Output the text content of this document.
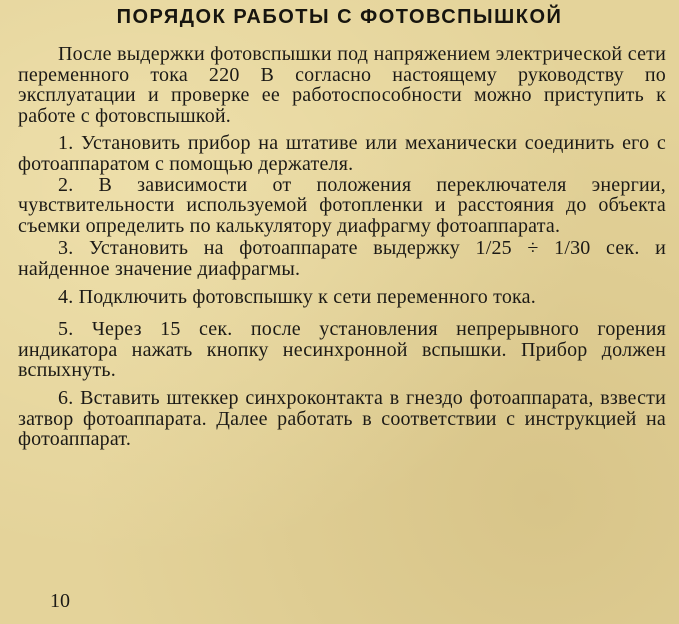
ПОРЯДОК РАБОТЫ С ФОТОВСПЫШКОЙ

После выдержки фотовспышки под напряжением электрической сети переменного тока 220 В согласно настоящему руководству по эксплуатации и проверке ее работоспособности можно приступить к работе с фотовспышкой.

1. Установить прибор на штативе или механически соединить его с фотоаппаратом с помощью держателя.

2. В зависимости от положения переключателя энергии, чувствительности используемой фотопленки и расстояния до объекта съемки определить по калькулятору диафрагму фотоаппарата.

3. Установить на фотоаппарате выдержку 1/25 ÷ 1/30 сек. и найденное значение диафрагмы.

4. Подключить фотовспышку к сети переменного тока.

5. Через 15 сек. после установления непрерывного горения индикатора нажать кнопку несинхронной вспышки. Прибор должен вспыхнуть.

6. Вставить штеккер синхроконтакта в гнездо фотоаппарата, взвести затвор фотоаппарата. Далее работать в соответствии с инструкцией на фотоаппарат.

10
